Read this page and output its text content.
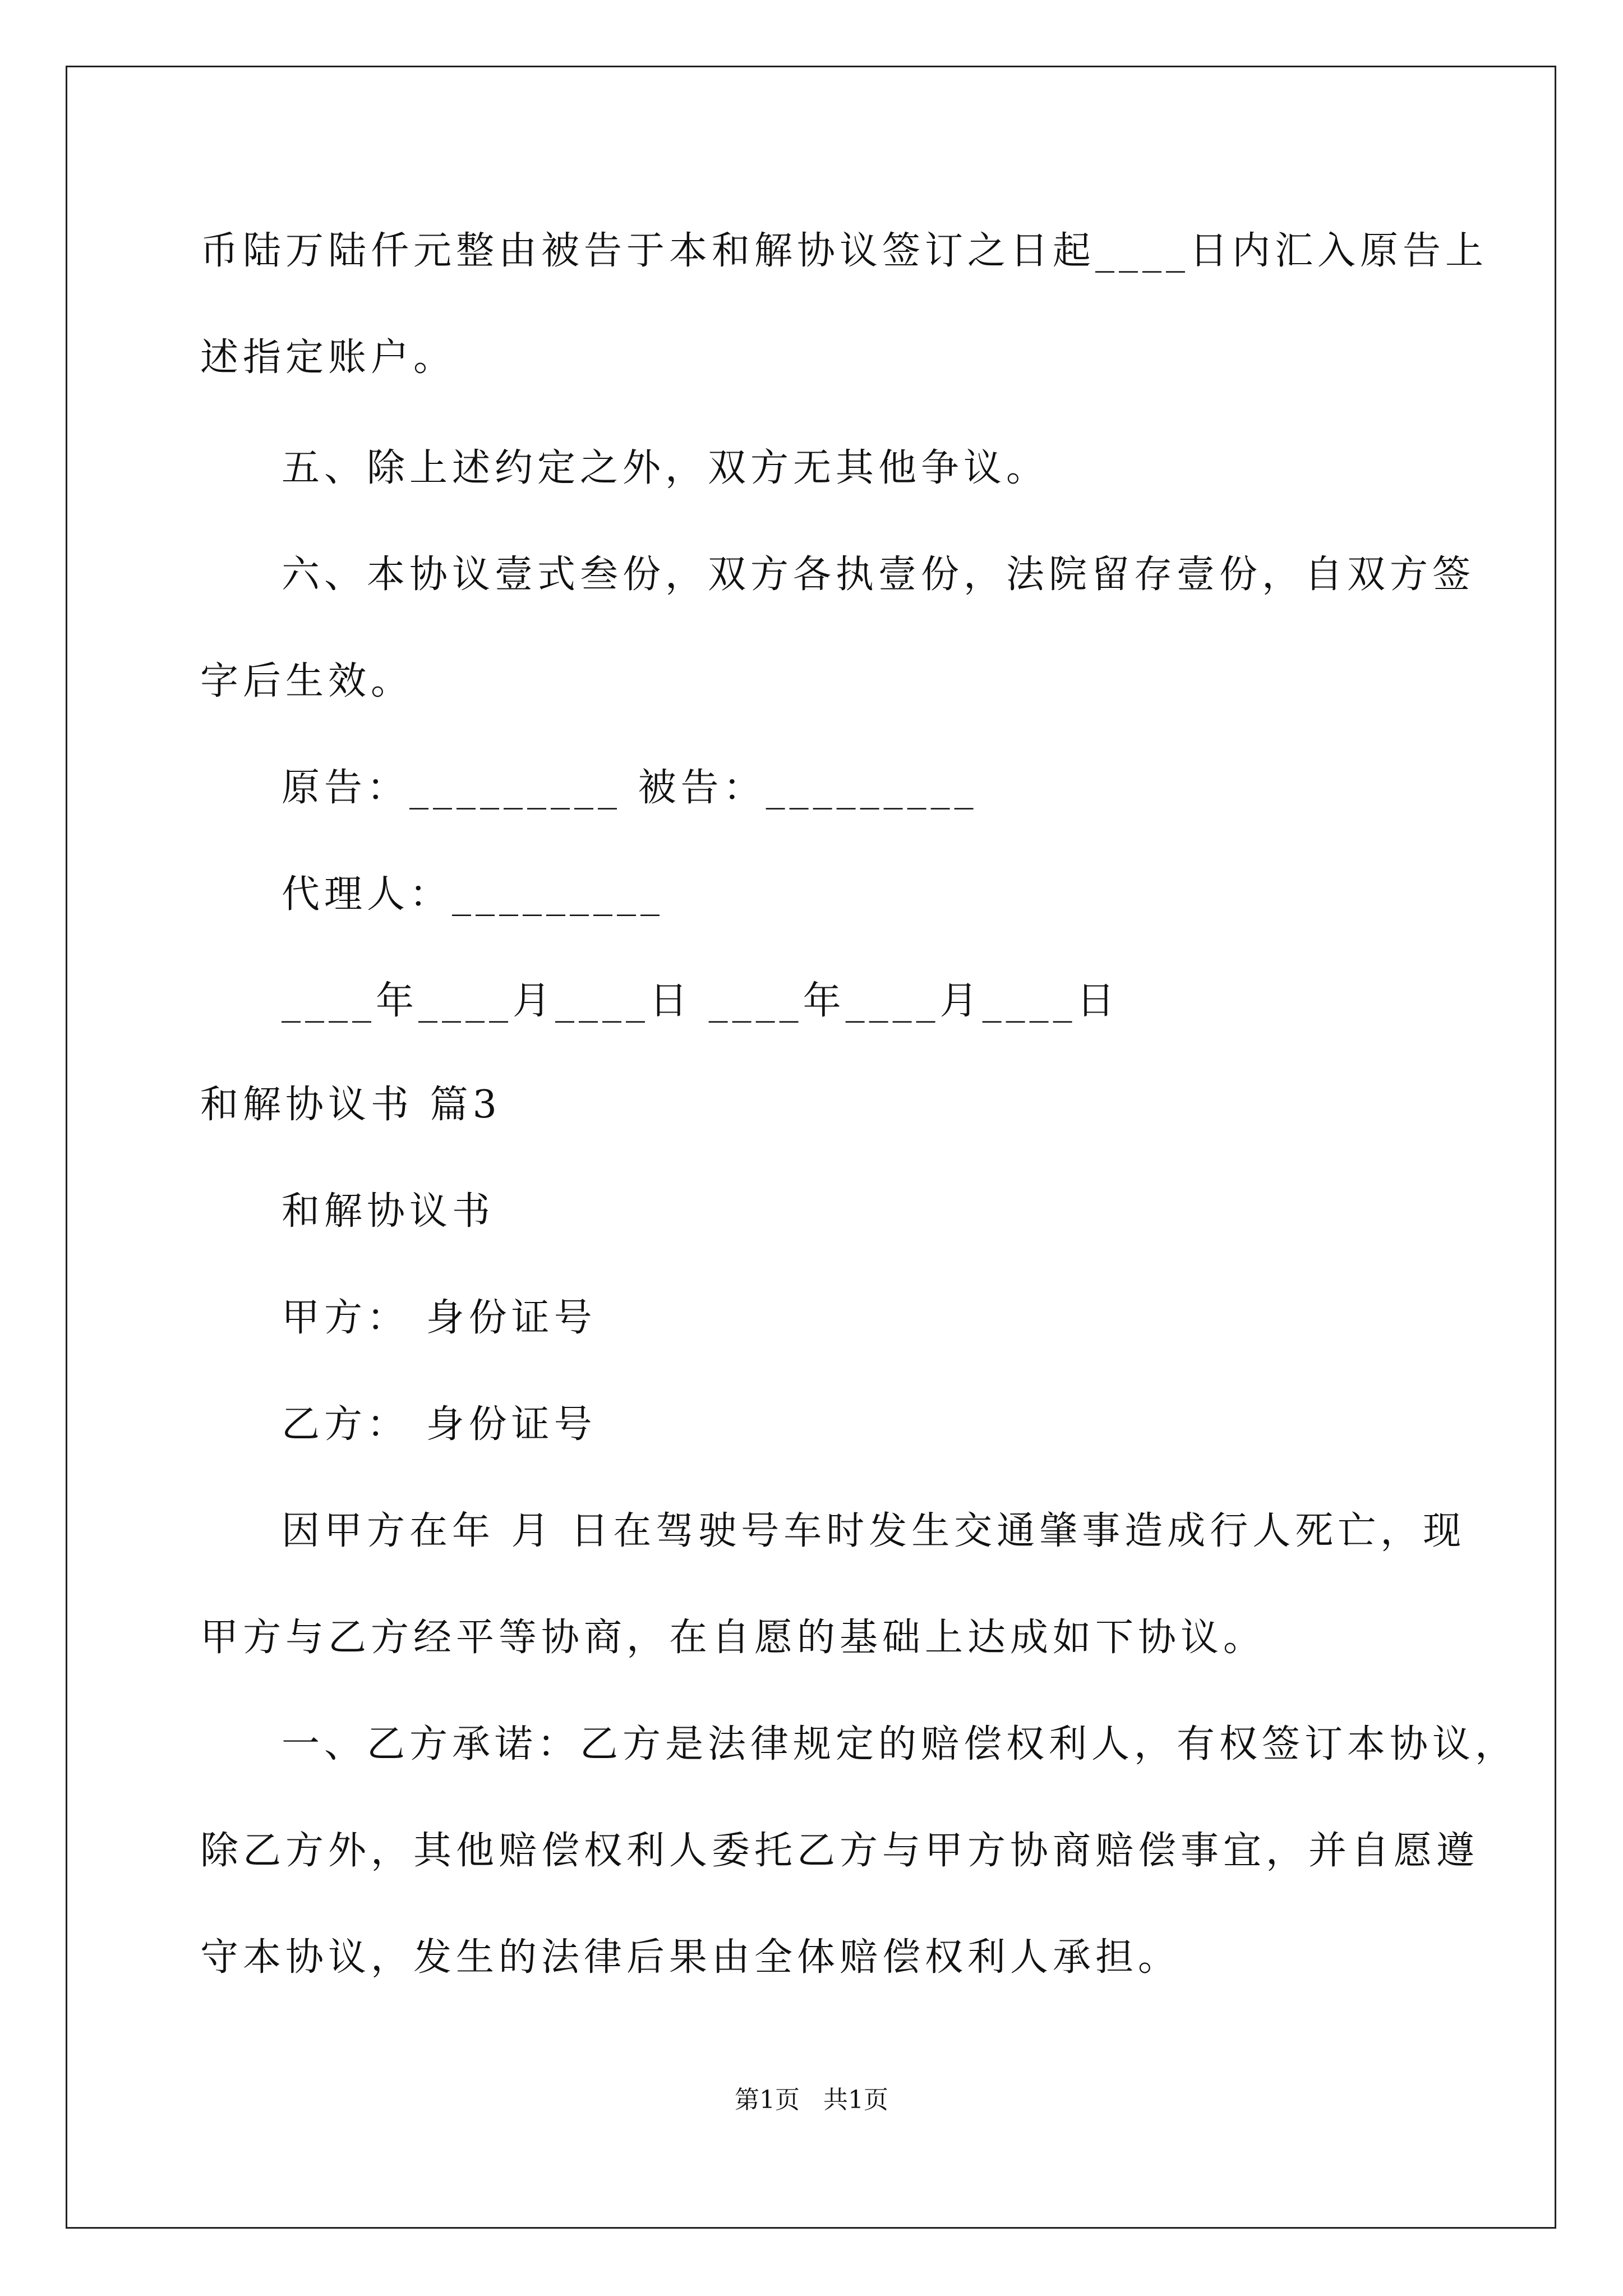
币陆万陆仟元整由被告于本和解协议签订之日起____日内汇入原告上
述指定账户。
五、除上述约定之外，双方无其他争议。
六、本协议壹式叁份，双方各执壹份，法院留存壹份，自双方签
字后生效。
原告：_________ 被告：_________
代理人：_________
____年____月____日 ____年____月____日
和解协议书 篇3
和解协议书
甲方： 身份证号
乙方： 身份证号
因甲方在年 月 日在驾驶号车时发生交通肇事造成行人死亡，现
甲方与乙方经平等协商，在自愿的基础上达成如下协议。
一、乙方承诺：乙方是法律规定的赔偿权利人，有权签订本协议，
除乙方外，其他赔偿权利人委托乙方与甲方协商赔偿事宜，并自愿遵
守本协议，发生的法律后果由全体赔偿权利人承担。
第1页   共1页
